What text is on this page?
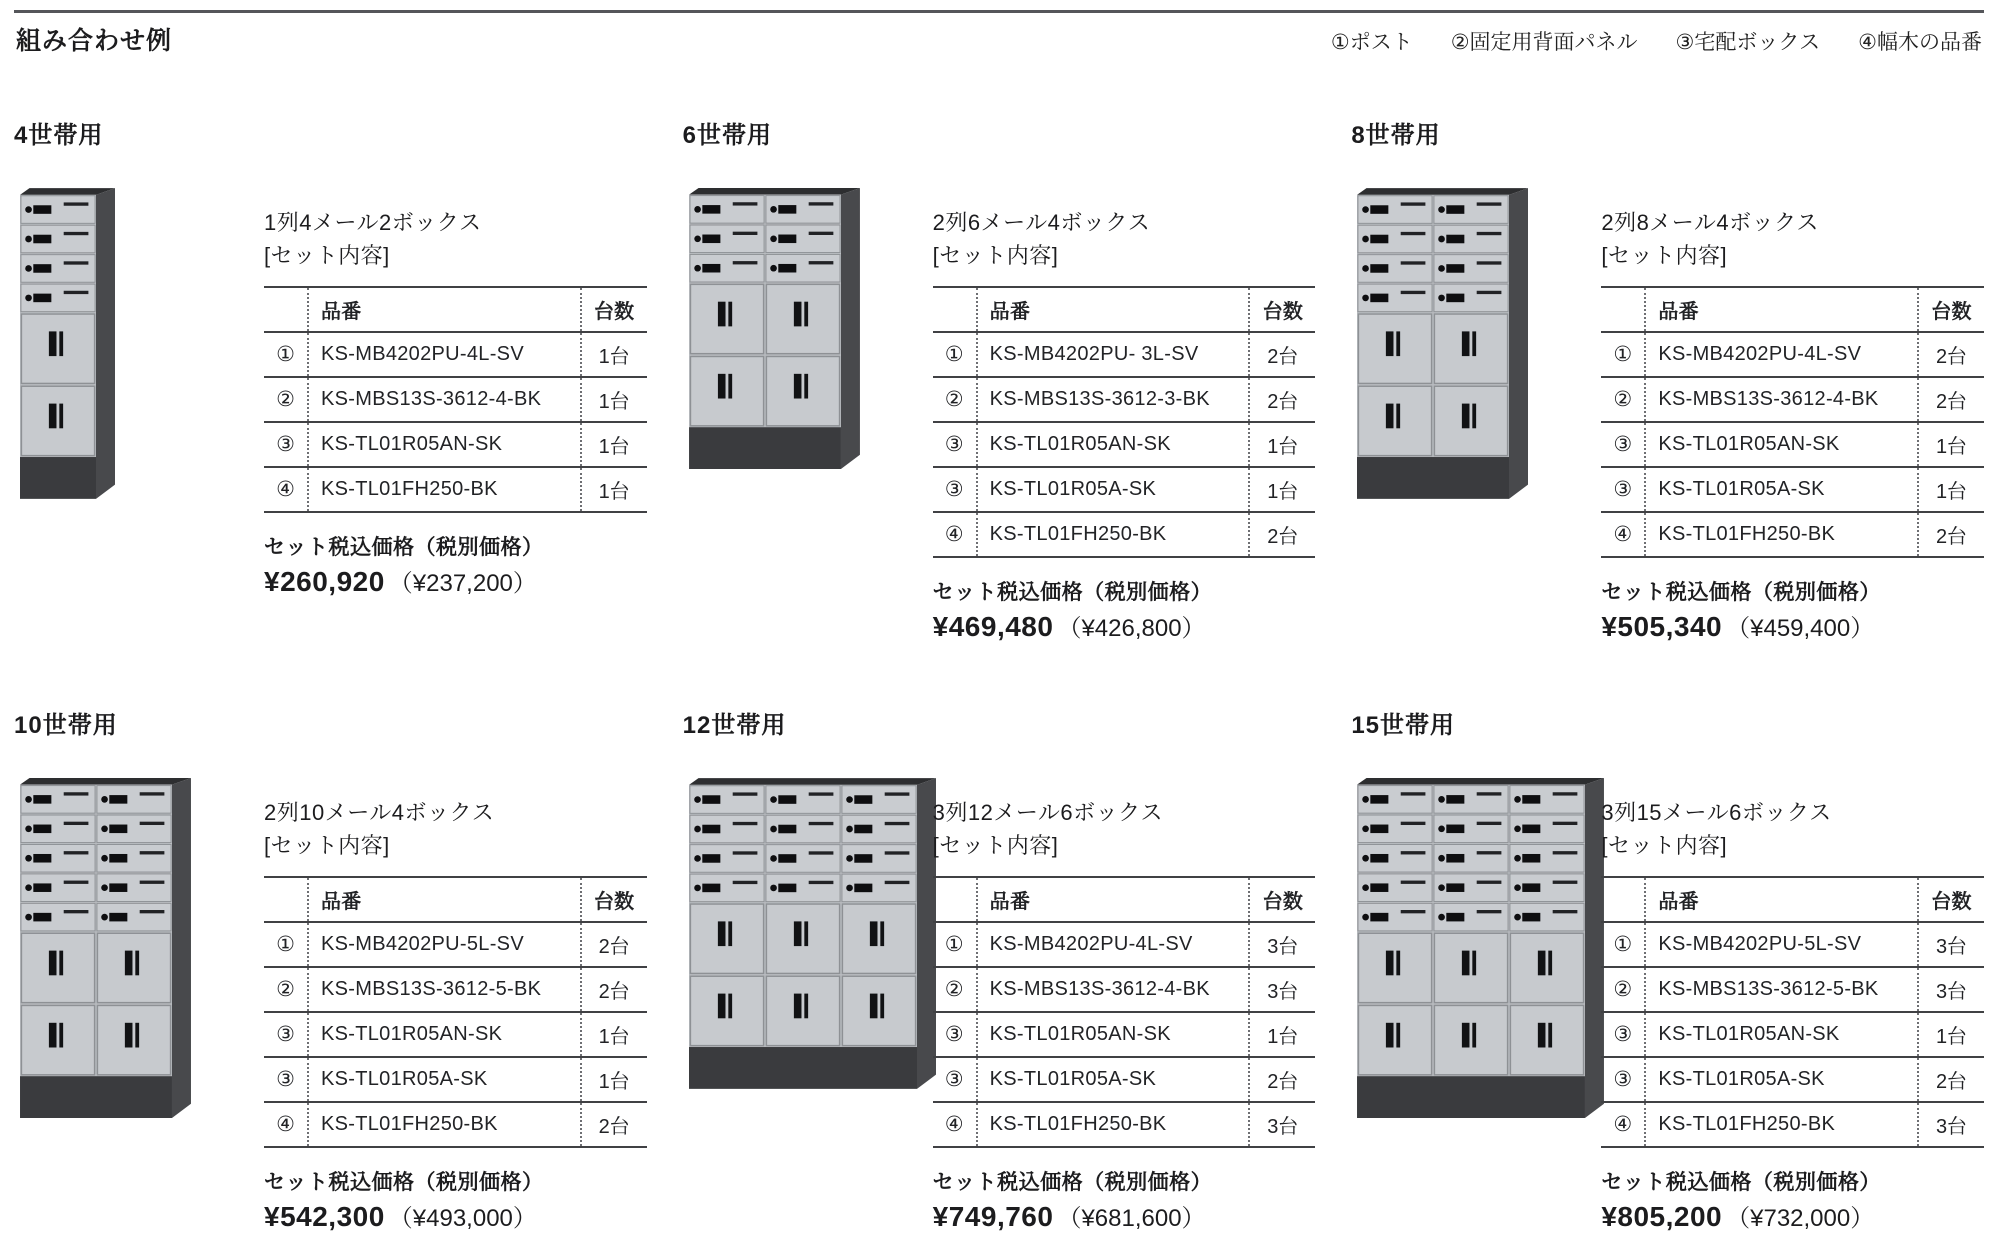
組み合わせ例	①ポスト ②固定用背面パネル ③宅配ボックス ④幅木の品番
4世帯用

1列4メール2ボックス

[セット内容]

	品番	台数
①	KS-MB4202PU-4L-SV	1台
②	KS-MBS13S-3612-4-BK	1台
③	KS-TL01R05AN-SK	1台
④	KS-TL01FH250-BK	1台

セット税込価格（税別価格）

¥260,920 （¥237,200）

6世帯用

2列6メール4ボックス

[セット内容]

	品番	台数
①	KS-MB4202PU- 3L-SV	2台
②	KS-MBS13S-3612-3-BK	2台
③	KS-TL01R05AN-SK	1台
③	KS-TL01R05A-SK	1台
④	KS-TL01FH250-BK	2台

セット税込価格（税別価格）

¥469,480 （¥426,800）

8世帯用

2列8メール4ボックス

[セット内容]

	品番	台数
①	KS-MB4202PU-4L-SV	2台
②	KS-MBS13S-3612-4-BK	2台
③	KS-TL01R05AN-SK	1台
③	KS-TL01R05A-SK	1台
④	KS-TL01FH250-BK	2台

セット税込価格（税別価格）

¥505,340 （¥459,400）

10世帯用

2列10メール4ボックス

[セット内容]

	品番	台数
①	KS-MB4202PU-5L-SV	2台
②	KS-MBS13S-3612-5-BK	2台
③	KS-TL01R05AN-SK	1台
③	KS-TL01R05A-SK	1台
④	KS-TL01FH250-BK	2台

セット税込価格（税別価格）

¥542,300 （¥493,000）

12世帯用

3列12メール6ボックス

[セット内容]

	品番	台数
①	KS-MB4202PU-4L-SV	3台
②	KS-MBS13S-3612-4-BK	3台
③	KS-TL01R05AN-SK	1台
③	KS-TL01R05A-SK	2台
④	KS-TL01FH250-BK	3台

セット税込価格（税別価格）

¥749,760 （¥681,600）

15世帯用

3列15メール6ボックス

[セット内容]

	品番	台数
①	KS-MB4202PU-5L-SV	3台
②	KS-MBS13S-3612-5-BK	3台
③	KS-TL01R05AN-SK	1台
③	KS-TL01R05A-SK	2台
④	KS-TL01FH250-BK	3台

セット税込価格（税別価格）

¥805,200 （¥732,000）
